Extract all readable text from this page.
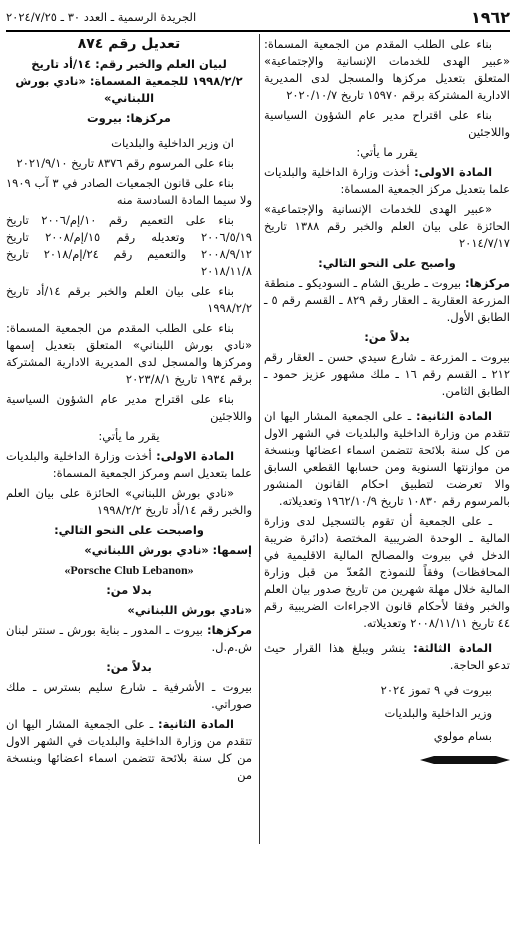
١٩٦٢
الجريدة الرسمية ـ العدد ٣٠ ـ ٢٠٢٤/٧/٢٥

بناء على الطلب المقدم من الجمعية المسماة: «عبير الهدى للخدمات الإنسانية والإجتماعية» المتعلق بتعديل مركزها والمسجل لدى المديرية الادارية المشتركة برقم ١٥٩٧٠ تاريخ ٢٠٢٠/١٠/٧

بناء على اقتراح مدير عام الشؤون السياسية واللاجئين

يقرر ما يأتي:

المادة الاولى: أخذت وزارة الداخلية والبلديات علما بتعديل مركز الجمعية المسماة:

«عبير الهدى للخدمات الإنسانية والإجتماعية» الحائزة على بيان العلم والخبر رقم ١٣٨٨ تاريخ ٢٠١٤/٧/١٧

واصبح على النحو التالي:

مركزها: بيروت ـ طريق الشام ـ السوديكو ـ منطقة المزرعة العقارية ـ العقار رقم ٨٢٩ ـ القسم رقم ٥ ـ الطابق الأول.

بدلاً من:

بيروت ـ المزرعة ـ شارع سيدي حسن ـ العقار رقم ٢١٢ ـ القسم رقم ١٦ ـ ملك مشهور عزيز حمود ـ الطابق الثامن.

المادة الثانية: ـ على الجمعية المشار اليها ان تتقدم من وزارة الداخلية والبلديات في الشهر الاول من كل سنة بلائحة تتضمن اسماء اعضائها وبنسخة من موازنتها السنوية ومن حسابها القطعي السابق والا تعرضت لتطبيق احكام القانون المنشور بالمرسوم رقم ١٠٨٣٠ تاريخ ١٩٦٢/١٠/٩ وتعديلاته.

ـ على الجمعية أن تقوم بالتسجيل لدى وزارة المالية ـ الوحدة الضريبية المختصة (دائرة ضريبة الدخل في بيروت والمصالح المالية الاقليمية في المحافظات) وفقاً للنموذج المُعدّ من قبل وزارة المالية خلال مهلة شهرين من تاريخ صدور بيان العلم والخبر وفقا لأحكام قانون الاجراءات الضريبية رقم ٤٤ تاريخ ٢٠٠٨/١١/١١ وتعديلاته.

المادة الثالثة: ينشر ويبلغ هذا القرار حيث تدعو الحاجة.

بيروت في ٩ تموز ٢٠٢٤

وزير الداخلية والبلديات

بسام مولوي

تعديل رقم ٨٧٤

لبيان العلم والخبر رقم: ١٤/أد تاريخ ١٩٩٨/٢/٢ للجمعية المسماة: «نادي بورش اللبناني»

مركزها: بيروت

ان وزير الداخلية والبلديات

بناء على المرسوم رقم ٨٣٧٦ تاريخ ٢٠٢١/٩/١٠

بناء على قانون الجمعيات الصادر في ٣ آب ١٩٠٩ ولا سيما المادة السادسة منه

بناء على التعميم رقم ١٠/إم/٢٠٠٦ تاريخ ٢٠٠٦/٥/١٩ وتعديله رقم ١٥/إم/٢٠٠٨ تاريخ ٢٠٠٨/٩/١٢ والتعميم رقم ٢٤/إم/٢٠١٨ تاريخ ٢٠١٨/١١/٨

بناء على بيان العلم والخبر برقم ١٤/أد تاريخ ١٩٩٨/٢/٢

بناء على الطلب المقدم من الجمعية المسماة: «نادي بورش اللبناني» المتعلق بتعديل إسمها ومركزها والمسجل لدى المديرية الادارية المشتركة برقم ١٩٣٤ تاريخ ٢٠٢٣/٨/١

بناء على اقتراح مدير عام الشؤون السياسية واللاجئين

يقرر ما يأتي:

المادة الاولى: أخذت وزارة الداخلية والبلديات علما بتعديل اسم ومركز الجمعية المسماة:

«نادي بورش اللبناني» الحائزة على بيان العلم والخبر رقم ١٤/أد تاريخ ١٩٩٨/٢/٢

واصبحت على النحو التالي:

إسمها: «نادي بورش اللبناني»

«Porsche Club Lebanon»

بدلا من:

«نادي بورش اللبناني»

مركزها: بيروت ـ المدور ـ بناية بورش ـ سنتر لبنان ش.م.ل.

بدلاً من:

بيروت ـ الأشرفية ـ شارع سليم بسترس ـ ملك صوراتي.

المادة الثانية: ـ على الجمعية المشار اليها ان تتقدم من وزارة الداخلية والبلديات في الشهر الاول من كل سنة بلائحة تتضمن اسماء اعضائها وبنسخة من
